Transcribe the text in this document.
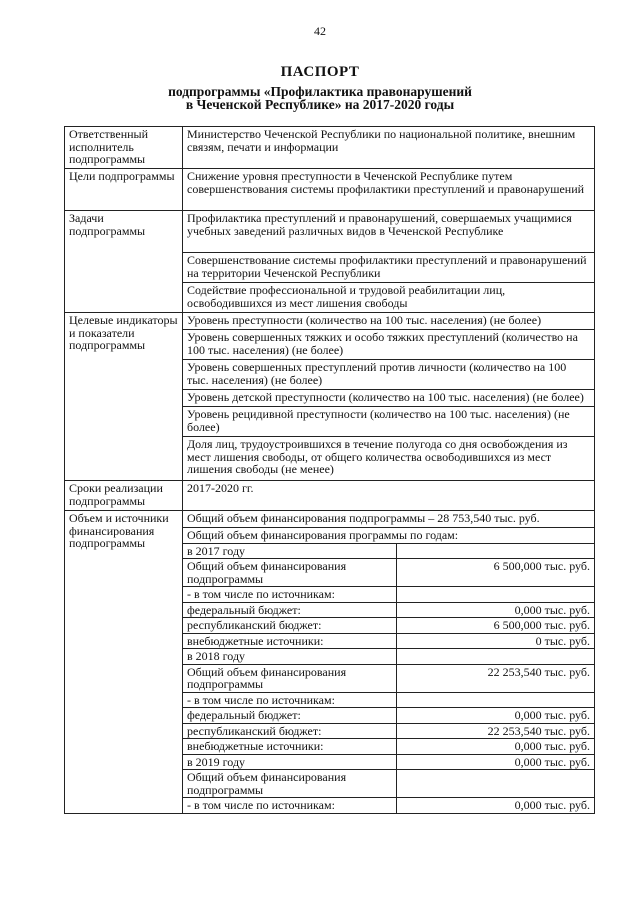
42
ПАСПОРТ
подпрограммы «Профилактика правонарушений
в Чеченской Республике» на 2017-2020 годы
Ответственный исполнитель подпрограммы	Министерство Чеченской Республики по национальной политике, внешним связям, печати и информации	
Цели подпрограммы	Снижение уровня преступности в Чеченской Республике путем совершенствования системы профилактики преступлений и правонарушений	
Задачи подпрограммы	Профилактика преступлений и правонарушений, совершаемых учащимися учебных заведений различных видов в Чеченской Республике	
	Совершенствование системы профилактики преступлений и правонарушений на территории Чеченской Республики	
	Содействие профессиональной и трудовой реабилитации лиц, освободившихся из мест лишения свободы	
Целевые индикаторы и показатели подпрограммы	Уровень преступности (количество на 100 тыс. населения) (не более)	
	Уровень совершенных тяжких и особо тяжких преступлений (количество на 100 тыс. населения) (не более)	
	Уровень совершенных преступлений против личности (количество на 100 тыс. населения) (не более)	
	Уровень детской преступности (количество на 100 тыс. населения) (не более)	
	Уровень рецидивной преступности (количество на 100 тыс. населения) (не более)	
	Доля лиц, трудоустроившихся в течение полугода со дня освобождения из мест лишения свободы, от общего количества освободившихся из мест лишения свободы (не менее)	
Сроки реализации подпрограммы	2017-2020 гг.	
Объем и источники финансирования подпрограммы	Общий объем финансирования подпрограммы – 28 753,540 тыс. руб.	
	Общий объем финансирования программы по годам:	
	в 2017 году	
	Общий объем финансирования подпрограммы	6 500,000 тыс. руб.
	- в том числе по источникам:	
	федеральный бюджет:	0,000 тыс. руб.
	республиканский бюджет:	6 500,000 тыс. руб.
	внебюджетные источники:	0 тыс. руб.
	в 2018 году	
	Общий объем финансирования подпрограммы	22 253,540 тыс. руб.
	- в том числе по источникам:	
	федеральный бюджет:	0,000 тыс. руб.
	республиканский бюджет:	22 253,540 тыс. руб.
	внебюджетные источники:	0,000 тыс. руб.
	в 2019 году	0,000 тыс. руб.
	Общий объем финансирования подпрограммы	
	- в том числе по источникам:	0,000 тыс. руб.
